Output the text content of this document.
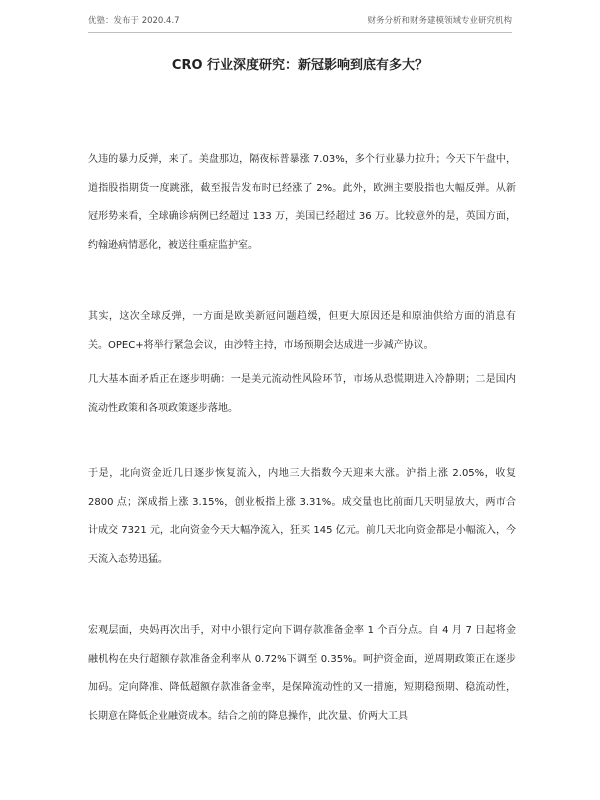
优塾：发布于 2020.4.7	财务分析和财务建模领域专业研究机构
CRO 行业深度研究：新冠影响到底有多大？

久违的暴力反弹，来了。美盘那边，隔夜标普暴涨 7.03%，多个行业暴力拉升；今天下午盘中，道指股指期货一度跳涨，截至报告发布时已经涨了 2%。此外，欧洲主要股指也大幅反弹。从新冠形势来看，全球确诊病例已经超过 133 万，美国已经超过 36 万。比较意外的是，英国方面，约翰逊病情恶化，被送往重症监护室。

其实，这次全球反弹，一方面是欧美新冠问题趋缓，但更大原因还是和原油供给方面的消息有关。OPEC+将举行紧急会议，由沙特主持，市场预期会达成进一步减产协议。

几大基本面矛盾正在逐步明确：一是美元流动性风险环节，市场从恐慌期进入冷静期；二是国内流动性政策和各项政策逐步落地。

于是，北向资金近几日逐步恢复流入，内地三大指数今天迎来大涨。沪指上涨 2.05%，收复 2800 点；深成指上涨 3.15%，创业板指上涨 3.31%。成交量也比前面几天明显放大，两市合计成交 7321 元，北向资金今天大幅净流入，狂买 145 亿元。前几天北向资金都是小幅流入，今天流入态势迅猛。

宏观层面，央妈再次出手，对中小银行定向下调存款准备金率 1 个百分点。自 4 月 7 日起将金融机构在央行超额存款准备金利率从 0.72%下调至 0.35%。呵护资金面，逆周期政策正在逐步加码。定向降准、降低超额存款准备金率，是保障流动性的又一措施，短期稳预期、稳流动性，长期意在降低企业融资成本。结合之前的降息操作，此次量、价两大工具
